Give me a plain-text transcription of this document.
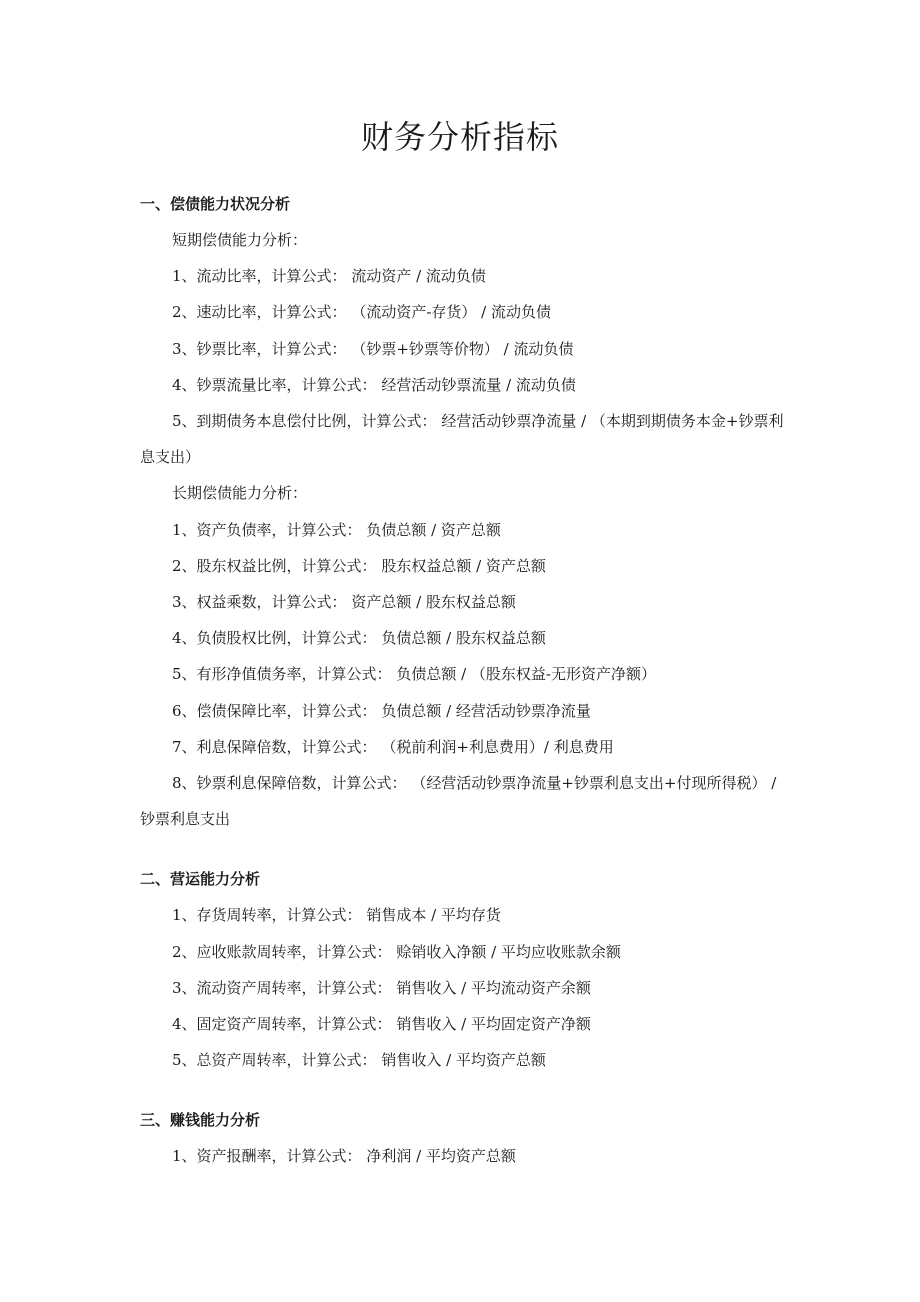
财务分析指标
一、偿债能力状况分析
短期偿债能力分析：
1、流动比率，计算公式： 流动资产 / 流动负债
2、速动比率，计算公式： （流动资产-存货） / 流动负债
3、钞票比率，计算公式： （钞票+钞票等价物） / 流动负债
4、钞票流量比率，计算公式： 经营活动钞票流量 / 流动负债
5、到期债务本息偿付比例，计算公式： 经营活动钞票净流量 / （本期到期债务本金+钞票利息支出）
长期偿债能力分析：
1、资产负债率，计算公式： 负债总额 / 资产总额
2、股东权益比例，计算公式： 股东权益总额 / 资产总额
3、权益乘数，计算公式： 资产总额 / 股东权益总额
4、负债股权比例，计算公式： 负债总额 / 股东权益总额
5、有形净值债务率，计算公式： 负债总额 / （股东权益-无形资产净额）
6、偿债保障比率，计算公式： 负债总额 / 经营活动钞票净流量
7、利息保障倍数，计算公式： （税前利润+利息费用）/ 利息费用
8、钞票利息保障倍数，计算公式： （经营活动钞票净流量+钞票利息支出+付现所得税） / 钞票利息支出
二、营运能力分析
1、存货周转率，计算公式： 销售成本 / 平均存货
2、应收账款周转率，计算公式： 赊销收入净额 / 平均应收账款余额
3、流动资产周转率，计算公式： 销售收入 / 平均流动资产余额
4、固定资产周转率，计算公式： 销售收入 / 平均固定资产净额
5、总资产周转率，计算公式： 销售收入 / 平均资产总额
三、赚钱能力分析
1、资产报酬率，计算公式： 净利润 / 平均资产总额
